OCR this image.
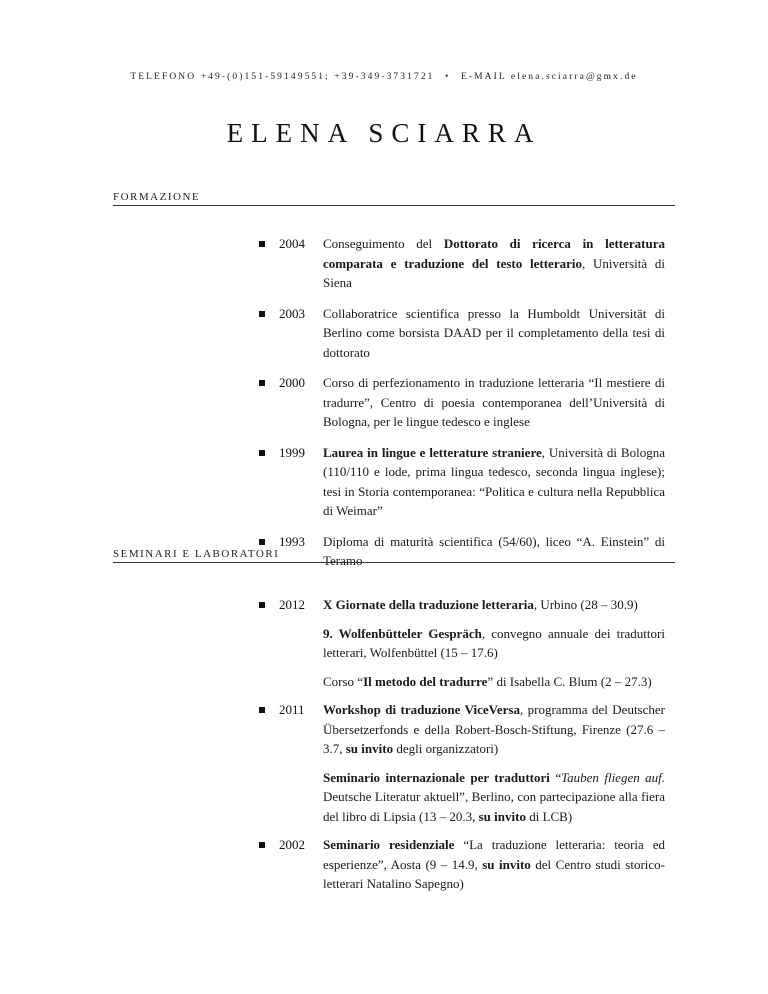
TELEFONO +49-(0)151-59149551; +39-349-3731721 • E-MAIL elena.sciarra@gmx.de
ELENA SCIARRA
FORMAZIONE
2004 Conseguimento del Dottorato di ricerca in letteratura comparata e traduzione del testo letterario, Università di Siena
2003 Collaboratrice scientifica presso la Humboldt Universität di Berlino come borsista DAAD per il completamento della tesi di dottorato
2000 Corso di perfezionamento in traduzione letteraria “Il mestiere di tradurre”, Centro di poesia contemporanea dell’Università di Bologna, per le lingue tedesco e inglese
1999 Laurea in lingue e letterature straniere, Università di Bologna (110/110 e lode, prima lingua tedesco, seconda lingua inglese); tesi in Storia contemporanea: “Politica e cultura nella Repubblica di Weimar”
1993 Diploma di maturità scientifica (54/60), liceo “A. Einstein” di Teramo
SEMINARI E LABORATORI
2012 X Giornate della traduzione letteraria, Urbino (28 – 30.9)
9. Wolfenbütteler Gespräch, convegno annuale dei traduttori letterari, Wolfenbüttel (15 – 17.6)
Corso “Il metodo del tradurre” di Isabella C. Blum (2 – 27.3)
2011 Workshop di traduzione ViceVersa, programma del Deutscher Übersetzerfonds e della Robert-Bosch-Stiftung, Firenze (27.6 – 3.7, su invito degli organizzatori)
Seminario internazionale per traduttori “Tauben fliegen auf. Deutsche Literatur aktuell”, Berlino, con partecipazione alla fiera del libro di Lipsia (13 – 20.3, su invito di LCB)
2002 Seminario residenziale “La traduzione letteraria: teoria ed esperienze”, Aosta (9 – 14.9, su invito del Centro studi storico-letterari Natalino Sapegno)
